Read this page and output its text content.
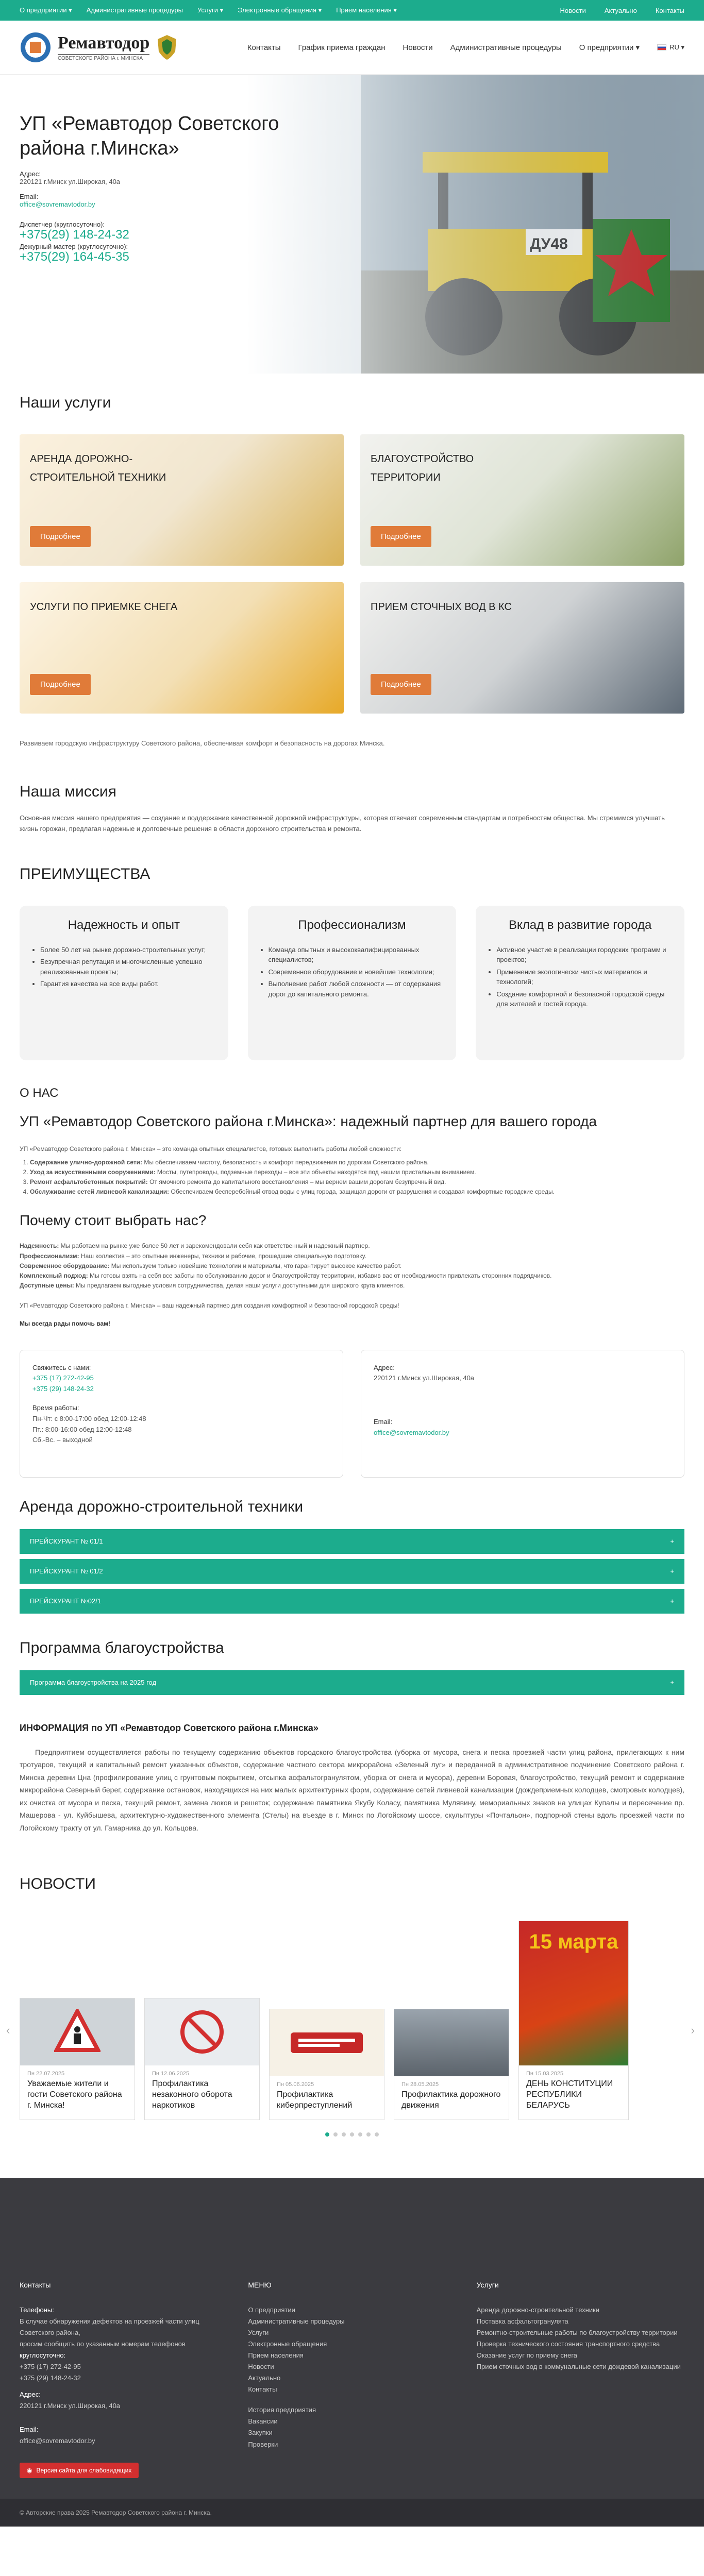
О предприятии ▾ Административные процедуры Услуги ▾ Электронные обращения ▾ Прием населения ▾	Новости	Актуально	Контакты
Ремавтодор
СОВЕТСКОГО РАЙОНА г. МИНСКА
Контакты График приема граждан Новости Административные процедуры О предприятии ▾	RU ▾
УП «Ремавтодор Советского района г.Минска»
Адрес:
220121 г.Минск ул.Широкая, 40а
Email:
office@sovremavtodor.by
Диспетчер (круглосуточно):
+375(29) 148-24-32
Дежурный мастер (круглосуточно):
+375(29) 164-45-35
Наши услуги
АРЕНДА ДОРОЖНО-СТРОИТЕЛЬНОЙ ТЕХНИКИ
Подробнее
БЛАГОУСТРОЙСТВО ТЕРРИТОРИИ
Подробнее
УСЛУГИ ПО ПРИЕМКЕ СНЕГА
Подробнее
ПРИЕМ СТОЧНЫХ ВОД В КС
Подробнее
Развиваем городскую инфраструктуру Советского района, обеспечивая комфорт и безопасность на дорогах Минска.
Наша миссия
Основная миссия нашего предприятия — создание и поддержание качественной дорожной инфраструктуры, которая отвечает современным стандартам и потребностям общества. Мы стремимся улучшать жизнь горожан, предлагая надежные и долговечные решения в области дорожного строительства и ремонта.
ПРЕИМУЩЕСТВА
Надежность и опыт
• Более 50 лет на рынке дорожно-строительных услуг;
• Безупречная репутация и многочисленные успешно реализованные проекты;
• Гарантия качества на все виды работ.
Профессионализм
• Команда опытных и высококвалифицированных специалистов;
• Современное оборудование и новейшие технологии;
• Выполнение работ любой сложности — от содержания дорог до капитального ремонта.
Вклад в развитие города
• Активное участие в реализации городских программ и проектов;
• Применение экологически чистых материалов и технологий;
• Создание комфортной и безопасной городской среды для жителей и гостей города.
О НАС
УП «Ремавтодор Советского района г.Минска»: надежный партнер для вашего города
УП «Ремавтодор Советского района г. Минска» – это команда опытных специалистов, готовых выполнить работы любой сложности:
1. Содержание улично-дорожной сети: Мы обеспечиваем чистоту, безопасность и комфорт передвижения по дорогам Советского района.
2. Уход за искусственными сооружениями: Мосты, путепроводы, подземные переходы – все эти объекты находятся под нашим пристальным вниманием.
3. Ремонт асфальтобетонных покрытий: От ямочного ремонта до капитального восстановления – мы вернем вашим дорогам безупречный вид.
4. Обслуживание сетей ливневой канализации: Обеспечиваем бесперебойный отвод воды с улиц города, защищая дороги от разрушения и создавая комфортные городские среды.
Почему стоит выбрать нас?
Надежность: Мы работаем на рынке уже более 50 лет и зарекомендовали себя как ответственный и надежный партнер.
Профессионализм: Наш коллектив – это опытные инженеры, техники и рабочие, прошедшие специальную подготовку.
Современное оборудование: Мы используем только новейшие технологии и материалы, что гарантирует высокое качество работ.
Комплексный подход: Мы готовы взять на себя все заботы по обслуживанию дорог и благоустройству территории, избавив вас от необходимости привлекать сторонних подрядчиков.
Доступные цены: Мы предлагаем выгодные условия сотрудничества, делая наши услуги доступными для широкого круга клиентов.
УП «Ремавтодор Советского района г. Минска» – ваш надежный партнер для создания комфортной и безопасной городской среды!
Мы всегда рады помочь вам!
Свяжитесь с нами:
+375 (17) 272-42-95
+375 (29) 148-24-32
Время работы:
Пн-Чт: с 8:00-17:00 обед 12:00-12:48
Пт.: 8:00-16:00 обед 12:00-12:48
Сб.-Вс. – выходной
Адрес:
220121 г.Минск ул.Широкая, 40а
Email:
office@sovremavtodor.by
Аренда дорожно-строительной техники
ПРЕЙСКУРАНТ № 01/1	+
ПРЕЙСКУРАНТ № 01/2	+
ПРЕЙСКУРАНТ №02/1	+
Программа благоустройства
Программа благоустройства на 2025 год	+
ИНФОРМАЦИЯ по УП «Ремавтодор Советского района г.Минска»
Предприятием осуществляется работы по текущему содержанию объектов городского благоустройства (уборка от мусора, снега и песка проезжей части улиц района, прилегающих к ним тротуаров, текущий и капитальный ремонт указанных объектов, содержание частного сектора микрорайона «Зеленый луг» и переданной в административное подчинение Советского района г. Минска деревни Цна (профилирование улиц с грунтовым покрытием, отсыпка асфальтогранулятом, уборка от снега и мусора), деревни Боровая, благоустройство, текущий ремонт и содержание микрорайона Северный берег, содержание остановок, находящихся на них малых архитектурных форм, содержание сетей ливневой канализации (дождеприемных колодцев, смотровых колодцев), их очистка от мусора и песка, текущий ремонт, замена люков и решеток; содержание памятника Якубу Коласу, памятника Мулявину, мемориальных знаков на улицах Купалы и пересечение пр. Машерова - ул. Куйбышева, архитектурно-художественного элемента (Стелы) на въезде в г. Минск по Логойскому шоссе, скульптуры «Почтальон», подпорной стены вдоль проезжей части по Логойскому тракту от ул. Гамарника до ул. Кольцова.
НОВОСТИ
‹
Пн 22.07.2025
Уважаемые жители и гости Советского района г. Минска!
Пн 12.06.2025
Профилактика незаконного оборота наркотиков
Пн 05.06.2025
Профилактика киберпреступлений
Пн 28.05.2025
Профилактика дорожного движения
15 марта
Пн 15.03.2025
ДЕНЬ КОНСТИТУЦИИ РЕСПУБЛИКИ БЕЛАРУСЬ
›
Контакты
Телефоны:
В случае обнаружения дефектов на проезжей части улиц Советского района,
просим сообщить по указанным номерам телефонов
круглосуточно:
+375 (17) 272-42-95
+375 (29) 148-24-32
Адрес:
220121 г.Минск ул.Широкая, 40а
Email:
office@sovremavtodor.by
◉ Версия сайта для слабовидящих
МЕНЮ
О предприятии
Административные процедуры
Услуги
Электронные обращения
Прием населения
Новости
Актуально
Контакты
История предприятия
Вакансии
Закупки
Проверки
Услуги
Аренда дорожно-строительной техники
Поставка асфальтогранулята
Ремонтно-строительные работы по благоустройству территории
Проверка технического состояния транспортного средства
Оказание услуг по приему снега
Прием сточных вод в коммунальные сети дождевой канализации
© Авторские права 2025 Ремавтодор Советского района г. Минска.
